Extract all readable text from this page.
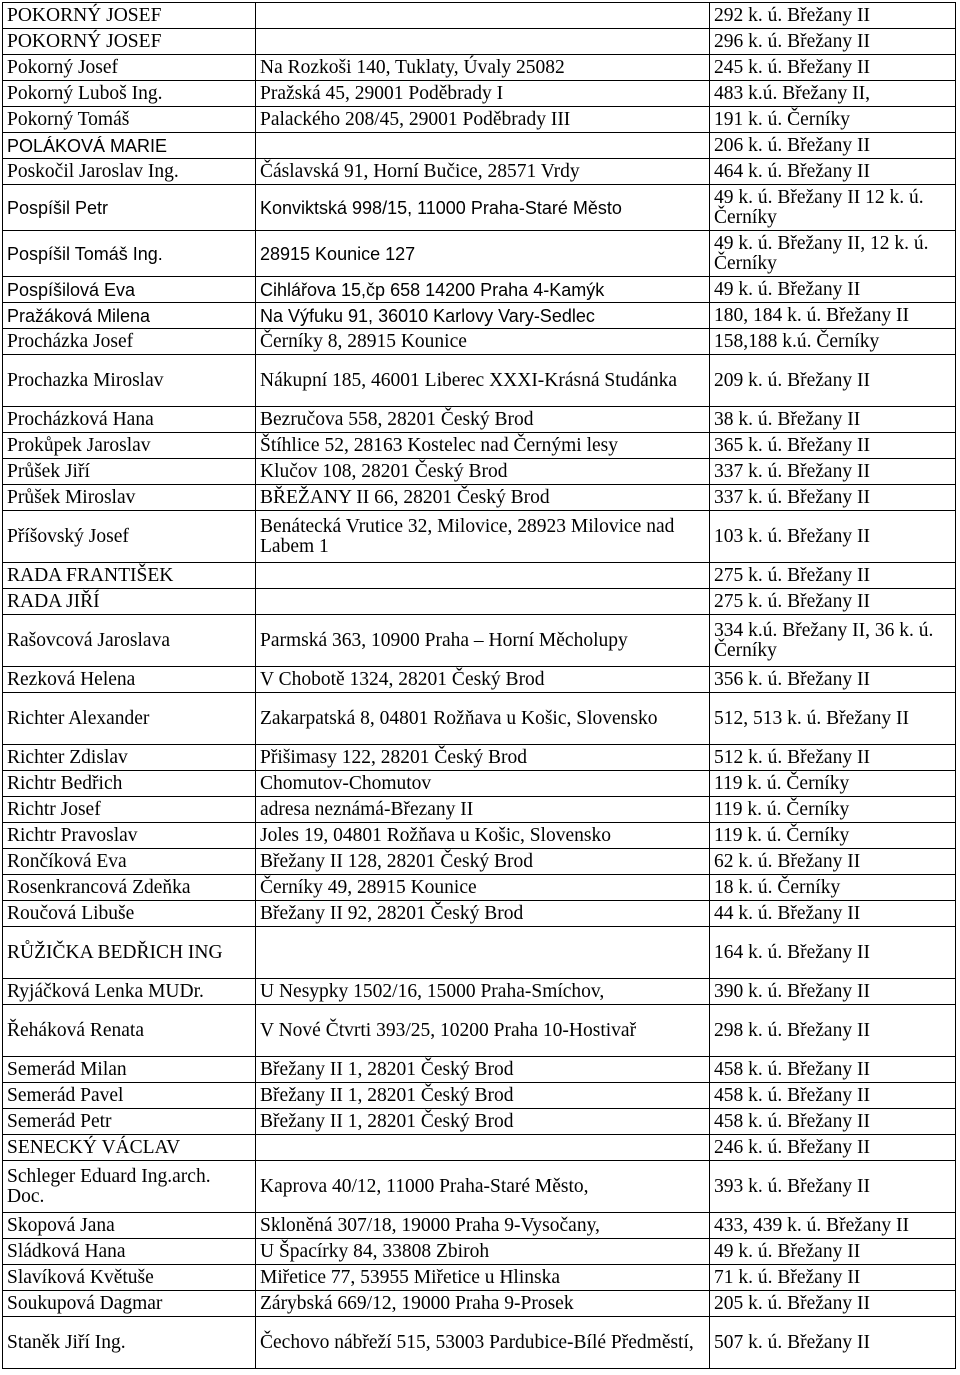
POKORNÝ JOSEF		292 k. ú. Břežany II
POKORNÝ JOSEF		296 k. ú. Břežany II
Pokorný Josef	Na Rozkoši 140, Tuklaty, Úvaly 25082	245 k. ú. Břežany II
Pokorný Luboš Ing.	Pražská 45, 29001 Poděbrady I	483 k.ú. Břežany II,
Pokorný Tomáš	Palackého 208/45, 29001 Poděbrady III	191 k. ú. Černíky
POLÁKOVÁ MARIE		206 k. ú. Břežany II
Poskočil Jaroslav Ing.	Čáslavská 91, Horní Bučice, 28571 Vrdy	464 k. ú. Břežany II
Pospíšil Petr	Konviktská 998/15, 11000 Praha-Staré Město	49 k. ú. Břežany II 12 k. ú. Černíky
Pospíšil Tomáš Ing.	28915 Kounice 127	49 k. ú. Břežany II, 12 k. ú. Černíky
Pospíšilová Eva	Cihlářova 15,čp 658 14200 Praha 4-Kamýk	49 k. ú. Břežany II
Pražáková Milena	Na Výfuku 91, 36010 Karlovy Vary-Sedlec	180, 184 k. ú. Břežany II
Procházka Josef	Černíky 8, 28915 Kounice	158,188 k.ú. Černíky
Prochazka Miroslav	Nákupní 185, 46001 Liberec XXXI-Krásná Studánka	209 k. ú. Břežany II
Procházková Hana	Bezručova 558, 28201 Český Brod	38 k. ú. Břežany II
Prokůpek Jaroslav	Štíhlice 52, 28163 Kostelec nad Černými lesy	365 k. ú. Břežany II
Průšek Jiří	Klučov 108, 28201 Český Brod	337 k. ú. Břežany II
Průšek Miroslav	BŘEŽANY II 66, 28201 Český Brod	337 k. ú. Břežany II
Příšovský Josef	Benátecká Vrutice 32, Milovice, 28923 Milovice nad Labem 1	103 k. ú. Břežany II
RADA FRANTIŠEK		275 k. ú. Břežany II
RADA JIŘÍ		275 k. ú. Břežany II
Rašovcová Jaroslava	Parmská 363, 10900 Praha – Horní Měcholupy	334 k.ú. Břežany II, 36 k. ú. Černíky
Rezková Helena	V Chobotě 1324, 28201 Český Brod	356 k. ú. Břežany II
Richter Alexander	Zakarpatská 8, 04801 Rožňava u Košic, Slovensko	512, 513 k. ú. Břežany II
Richter Zdislav	Přišimasy 122, 28201 Český Brod	512 k. ú. Břežany II
Richtr Bedřich	Chomutov-Chomutov	119 k. ú. Černíky
Richtr Josef	adresa neznámá-Březany II	119 k. ú. Černíky
Richtr Pravoslav	Joles 19, 04801 Rožňava u Košic, Slovensko	119 k. ú. Černíky
Rončíková Eva	Břežany II 128, 28201 Český Brod	62 k. ú. Břežany II
Rosenkrancová Zdeňka	Černíky 49, 28915 Kounice	18 k. ú. Černíky
Roučová Libuše	Břežany II 92, 28201 Český Brod	44 k. ú. Břežany II
RŮŽIČKA BEDŘICH ING		164 k. ú. Břežany II
Ryjáčková Lenka MUDr.	U Nesypky 1502/16, 15000 Praha-Smíchov,	390 k. ú. Břežany II
Řeháková Renata	V Nové Čtvrti 393/25, 10200 Praha 10-Hostivař	298 k. ú. Břežany II
Semerád Milan	Břežany II 1, 28201 Český Brod	458 k. ú. Břežany II
Semerád Pavel	Břežany II 1, 28201 Český Brod	458 k. ú. Břežany II
Semerád Petr	Břežany II 1, 28201 Český Brod	458 k. ú. Břežany II
SENECKÝ VÁCLAV		246 k. ú. Břežany II
Schleger Eduard Ing.arch. Doc.	Kaprova 40/12, 11000 Praha-Staré Město,	393 k. ú. Břežany II
Skopová Jana	Skloněná 307/18, 19000 Praha 9-Vysočany,	433, 439 k. ú. Břežany II
Sládková Hana	U Špacírky 84, 33808 Zbiroh	49 k. ú. Břežany II
Slavíková Květuše	Miřetice 77, 53955 Miřetice u Hlinska	71 k. ú. Břežany II
Soukupová Dagmar	Zárybská 669/12, 19000 Praha 9-Prosek	205 k. ú. Břežany II
Staněk Jiří Ing.	Čechovo nábřeží 515, 53003 Pardubice-Bílé Předměstí,	507 k. ú. Břežany II
